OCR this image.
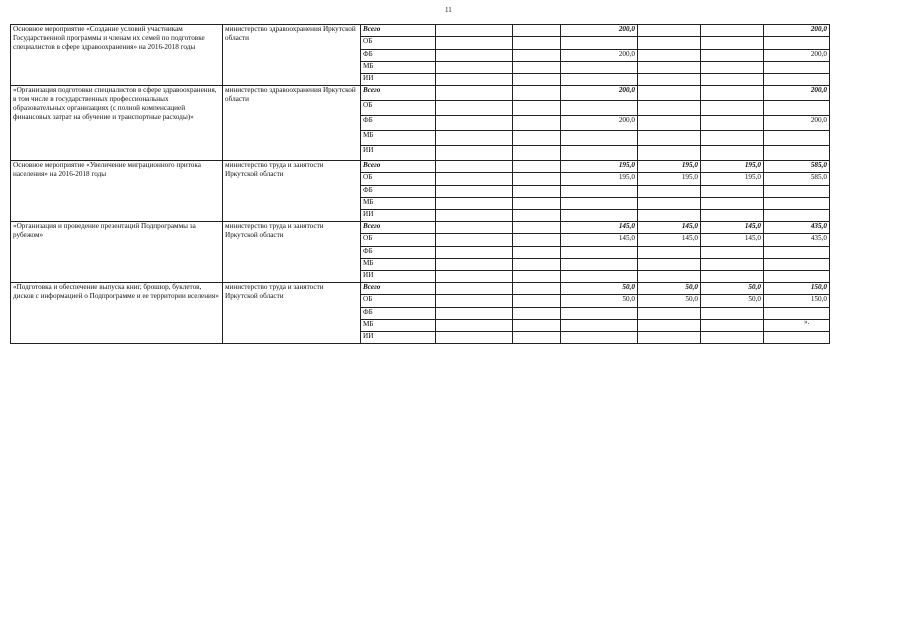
11
Основное мероприятие «Создание условий участникам Государственной программы и членам их семей по подготовке специалистов в сфере здравоохранения» на 2016-2018 годы	министерство здравоохранения Иркутской области	Всего			200,0			200,0
		ОБ						
		ФБ			200,0			200,0
		МБ						
		ИИ						
«Организация подготовки специалистов в сфере здравоохранения, в том числе в государственных профессиональных образовательных организациях (с полной компенсацией финансовых затрат на обучение и транспортные расходы)»	министерство здравоохранения Иркутской области	Всего			200,0			200,0
		ОБ						
		ФБ			200,0			200,0
		МБ						
		ИИ						
Основное мероприятие «Увеличение миграционного притока населения» на 2016-2018 годы	министерство труда и занятости Иркутской области	Всего			195,0	195,0	195,0	585,0
		ОБ			195,0	195,0	195,0	585,0
		ФБ						
		МБ						
		ИИ						
«Организация и проведение презентаций Подпрограммы за рубежом»	министерство труда и занятости Иркутской области	Всего			145,0	145,0	145,0	435,0
		ОБ			145,0	145,0	145,0	435,0
		ФБ						
		МБ						
		ИИ						
«Подготовка и обеспечение выпуска книг, брошюр, буклетов, дисков с информацией о Подпрограмме и ее территории вселения»	министерство труда и занятости Иркутской области	Всего			50,0	50,0	50,0	150,0
		ОБ			50,0	50,0	50,0	150,0
		ФБ						
		МБ						
		ИИ						
».
